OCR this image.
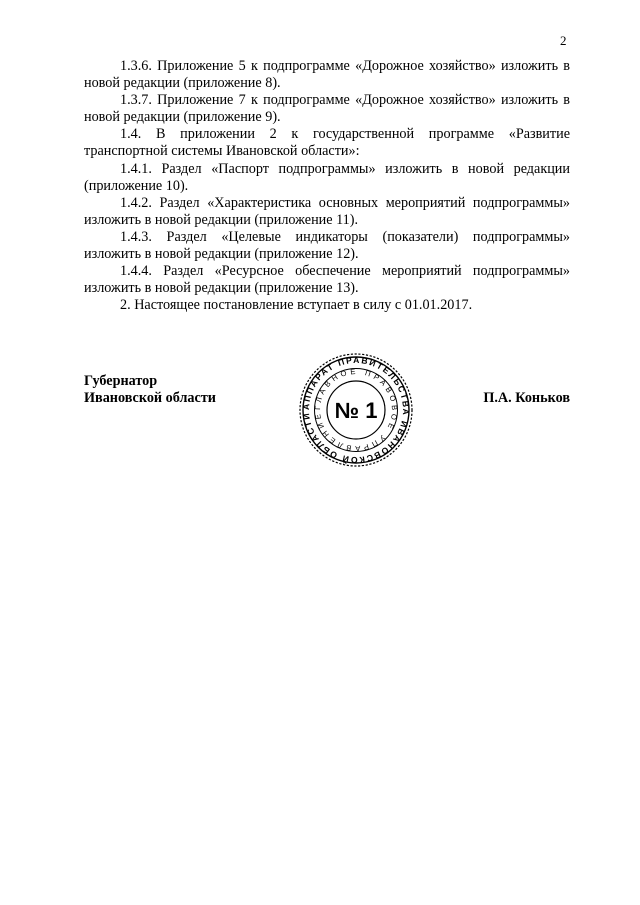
2

1.3.6. Приложение 5 к подпрограмме «Дорожное хозяйство» изложить в новой редакции (приложение 8).

1.3.7. Приложение 7 к подпрограмме «Дорожное хозяйство» изложить в новой редакции (приложение 9).

1.4. В приложении 2 к государственной программе «Развитие транспортной системы Ивановской области»:

1.4.1. Раздел «Паспорт подпрограммы» изложить в новой редакции (приложение 10).

1.4.2. Раздел «Характеристика основных мероприятий подпрограммы» изложить в новой редакции (приложение 11).

1.4.3. Раздел «Целевые индикаторы (показатели) подпрограммы» изложить в новой редакции (приложение 12).

1.4.4. Раздел «Ресурсное обеспечение мероприятий подпрограммы» изложить в новой редакции (приложение 13).

2. Настоящее постановление вступает в силу с 01.01.2017.

Губернатор
Ивановской области	П.А. Коньков
АППАРАТ ПРАВИТЕЛЬСТВА ИВАНОВСКОЙ ОБЛАСТИ
ГЛАВНОЕ ПРАВОВОЕ УПРАВЛЕНИЕ № 1
